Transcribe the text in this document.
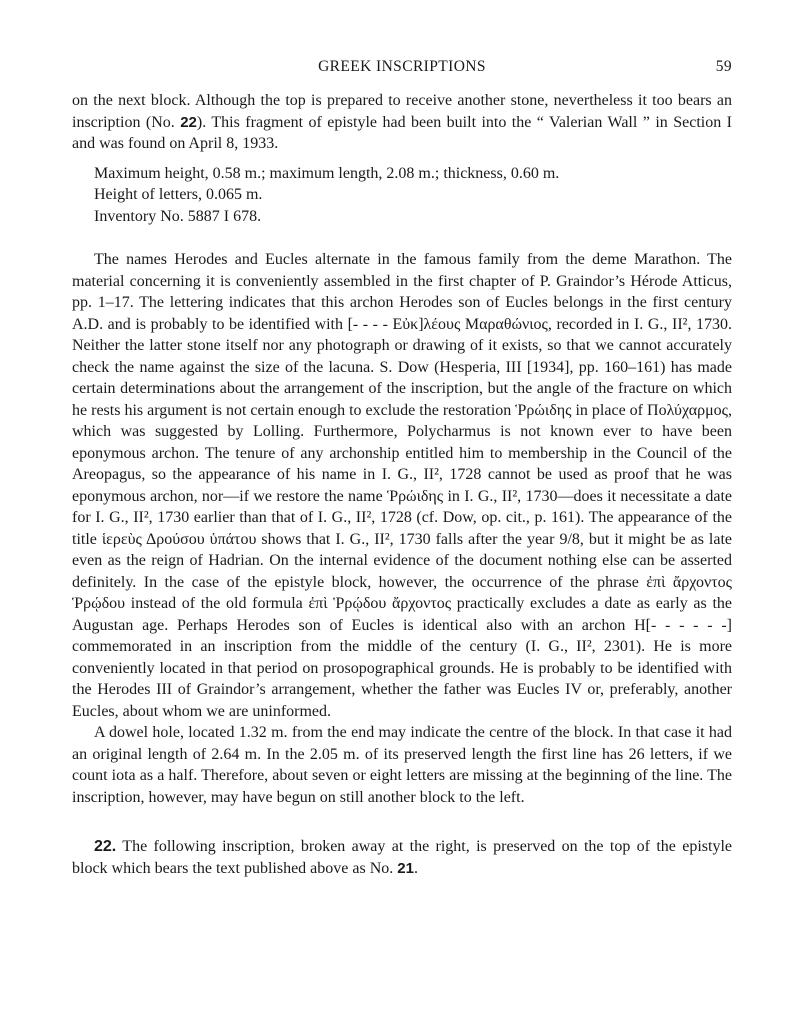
GREEK INSCRIPTIONS	59

on the next block. Although the top is prepared to receive another stone, nevertheless it too bears an inscription (No. 22). This fragment of epistyle had been built into the “ Valerian Wall ” in Section Ι and was found on April 8, 1933.

Maximum height, 0.58 m.; maximum length, 2.08 m.; thickness, 0.60 m.

Height of letters, 0.065 m.

Inventory No. 5887 I 678.

The names Herodes and Eucles alternate in the famous family from the deme Marathon. The material concerning it is conveniently assembled in the first chapter of P. Graindor’s Hérode Atticus, pp. 1–17. The lettering indicates that this archon Herodes son of Eucles belongs in the first century A.D. and is probably to be identified with [- - - - Εὐκ]λέους Μαραθώνιος, recorded in I. G., II², 1730. Neither the latter stone itself nor any photograph or drawing of it exists, so that we cannot accurately check the name against the size of the lacuna. S. Dow (Hesperia, III [1934], pp. 160–161) has made certain determinations about the arrangement of the inscription, but the angle of the fracture on which he rests his argument is not certain enough to exclude the restoration Ῥρώιδης in place of Πολύχαρμος, which was suggested by Lolling. Furthermore, Polycharmus is not known ever to have been eponymous archon. The tenure of any archonship entitled him to membership in the Council of the Areopagus, so the appearance of his name in I. G., II², 1728 cannot be used as proof that he was eponymous archon, nor—if we restore the name Ῥρώιδης in I. G., II², 1730—does it necessitate a date for I. G., II², 1730 earlier than that of I. G., II², 1728 (cf. Dow, op. cit., p. 161). The appearance of the title ἱερεὺς Δρούσου ὑπάτου shows that I. G., II², 1730 falls after the year 9/8, but it might be as late even as the reign of Hadrian. On the internal evidence of the document nothing else can be asserted definitely. In the case of the epistyle block, however, the occurrence of the phrase ἐπὶ ἄρχοντος Ῥρῴδου instead of the old formula ἐπὶ Ῥρῴδου ἄρχοντος practically excludes a date as early as the Augustan age. Perhaps Herodes son of Eucles is identical also with an archon H[- - - - - -] commemorated in an inscription from the middle of the century (I. G., II², 2301). He is more conveniently located in that period on prosopographical grounds. He is probably to be identified with the Herodes III of Graindor’s arrangement, whether the father was Eucles IV or, preferably, another Eucles, about whom we are uninformed.

A dowel hole, located 1.32 m. from the end may indicate the centre of the block. In that case it had an original length of 2.64 m. In the 2.05 m. of its preserved length the first line has 26 letters, if we count iota as a half. Therefore, about seven or eight letters are missing at the beginning of the line. The inscription, however, may have begun on still another block to the left.

22. The following inscription, broken away at the right, is preserved on the top of the epistyle block which bears the text published above as No. 21.
